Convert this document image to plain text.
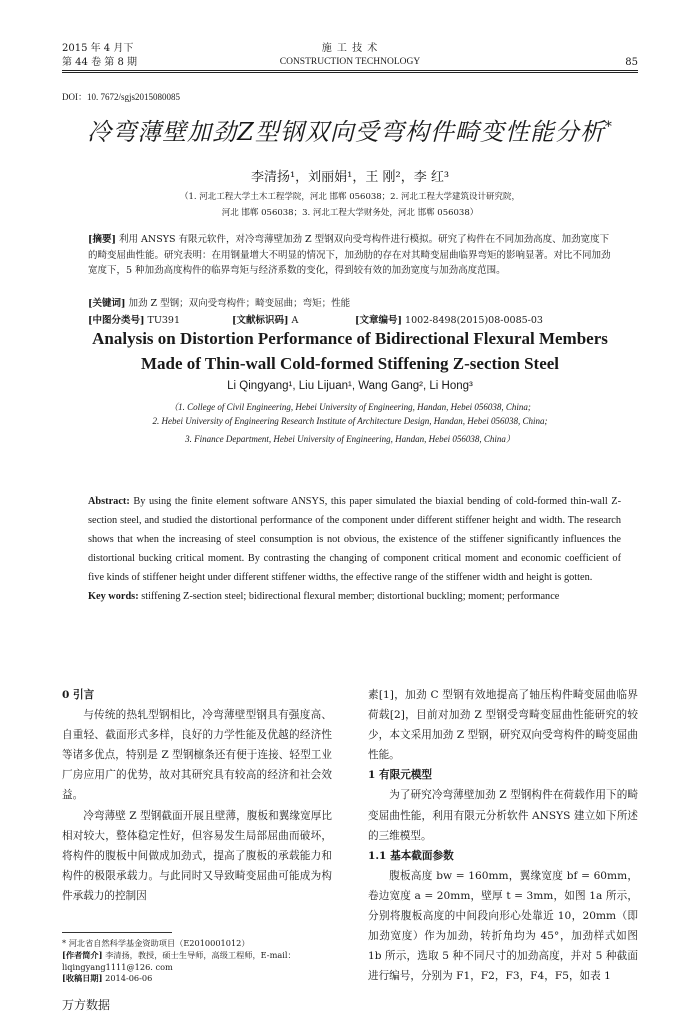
2015 年 4 月下
第 44 卷 第 8 期
施 工 技 术
CONSTRUCTION TECHNOLOGY	85
DOI：10. 7672/sgjs2015080085
冷弯薄壁加劲Z型钢双向受弯构件畸变性能分析*
李清扬¹，刘丽娟¹，王 刚²，李 红³
（1. 河北工程大学土木工程学院，河北 邯郸 056038；2. 河北工程大学建筑设计研究院，
河北 邯郸 056038；3. 河北工程大学财务处，河北 邯郸 056038）
[摘要] 利用 ANSYS 有限元软件，对冷弯薄壁加劲 Z 型钢双向受弯构件进行模拟。研究了构件在不同加劲高度、加劲宽度下的畸变屈曲性能。研究表明：在用钢量增大不明显的情况下，加劲肋的存在对其畸变屈曲临界弯矩的影响显著。对比不同加劲宽度下，5 种加劲高度构件的临界弯矩与经济系数的变化，得到较有效的加劲宽度与加劲高度范围。
[关键词] 加劲 Z 型钢；双向受弯构件；畸变屈曲；弯矩；性能
[中图分类号] TU391	[文献标识码] A	[文章编号] 1002-8498(2015)08-0085-03
Analysis on Distortion Performance of Bidirectional Flexural Members Made of Thin-wall Cold-formed Stiffening Z-section Steel
Li Qingyang¹, Liu Lijuan¹, Wang Gang², Li Hong³
（1. College of Civil Engineering, Hebei University of Engineering, Handan, Hebei 056038, China;
2. Hebei University of Engineering Research Institute of Architecture Design, Handan, Hebei 056038, China;
3. Finance Department, Hebei University of Engineering, Handan, Hebei 056038, China）
Abstract: By using the finite element software ANSYS, this paper simulated the biaxial bending of cold-formed thin-wall Z-section steel, and studied the distortional performance of the component under different stiffener height and width. The research shows that when the increasing of steel consumption is not obvious, the existence of the stiffener significantly influences the distortional bucking critical moment. By contrasting the changing of component critical moment and economic coefficient of five kinds of stiffener height under different stiffener widths, the effective range of the stiffener width and height is gotten.
Key words: stiffening Z-section steel; bidirectional flexural member; distortional buckling; moment; performance

0 引言

与传统的热轧型钢相比，冷弯薄壁型钢具有强度高、自重轻、截面形式多样，良好的力学性能及优越的经济性等诸多优点，特别是 Z 型钢檩条还有便于连接、轻型工业厂房应用广的优势，故对其研究具有较高的经济和社会效益。

冷弯薄壁 Z 型钢截面开展且壁薄，腹板和翼缘宽厚比相对较大，整体稳定性好，但容易发生局部屈曲而破坏，将构件的腹板中间做成加劲式，提高了腹板的承载能力和构件的极限承载力。与此同时又导致畸变屈曲可能成为构件承载力的控制因

素[1]，加劲 C 型钢有效地提高了轴压构件畸变屈曲临界荷载[2]，目前对加劲 Z 型钢受弯畸变屈曲性能研究的较少，本文采用加劲 Z 型钢，研究双向受弯构件的畸变屈曲性能。

1 有限元模型

为了研究冷弯薄壁加劲 Z 型钢构件在荷载作用下的畸变屈曲性能，利用有限元分析软件 ANSYS 建立如下所述的三维模型。

1.1 基本截面参数

腹板高度 bw = 160mm，翼缘宽度 bf = 60mm，卷边宽度 a = 20mm，壁厚 t = 3mm，如图 1a 所示，分别将腹板高度的中间段向形心处靠近 10，20mm（即加劲宽度）作为加劲，转折角均为 45°，加劲样式如图 1b 所示，选取 5 种不同尺寸的加劲高度，并对 5 种截面进行编号，分别为 F1，F2，F3，F4，F5，如表 1

* 河北省自然科学基金资助项目（E2010001012）
[作者简介] 李清扬，教授，硕士生导师，高级工程师，E-mail：liqingyang1111@126. com
[收稿日期] 2014-06-06
万方数据
